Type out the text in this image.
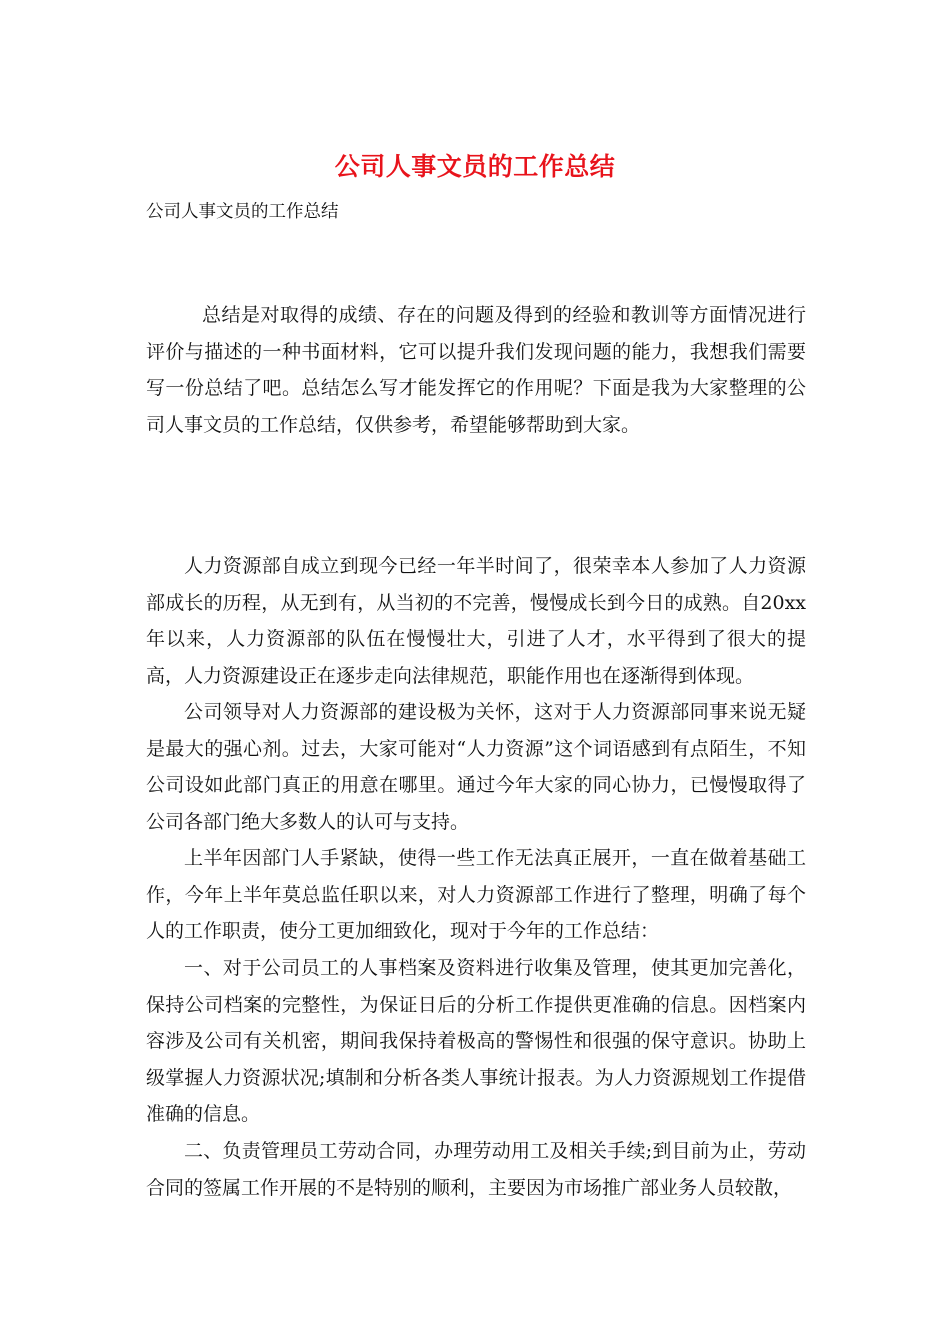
公司人事文员的工作总结
公司人事文员的工作总结

总结是对取得的成绩、存在的问题及得到的经验和教训等方面情况进行评价与描述的一种书面材料，它可以提升我们发现问题的能力，我想我们需要写一份总结了吧。总结怎么写才能发挥它的作用呢？下面是我为大家整理的公司人事文员的工作总结，仅供参考，希望能够帮助到大家。

人力资源部自成立到现今已经一年半时间了，很荣幸本人参加了人力资源部成长的历程，从无到有，从当初的不完善，慢慢成长到今日的成熟。自20xx年以来，人力资源部的队伍在慢慢壮大，引进了人才，水平得到了很大的提高，人力资源建设正在逐步走向法律规范，职能作用也在逐渐得到体现。

公司领导对人力资源部的建设极为关怀，这对于人力资源部同事来说无疑是最大的强心剂。过去，大家可能对“人力资源”这个词语感到有点陌生，不知公司设如此部门真正的用意在哪里。通过今年大家的同心协力，已慢慢取得了公司各部门绝大多数人的认可与支持。

上半年因部门人手紧缺，使得一些工作无法真正展开，一直在做着基础工作，今年上半年莫总监任职以来，对人力资源部工作进行了整理，明确了每个人的工作职责，使分工更加细致化，现对于今年的工作总结：

一、对于公司员工的人事档案及资料进行收集及管理，使其更加完善化，保持公司档案的完整性，为保证日后的分析工作提供更准确的信息。因档案内容涉及公司有关机密，期间我保持着极高的警惕性和很强的保守意识。协助上级掌握人力资源状况;填制和分析各类人事统计报表。为人力资源规划工作提借准确的信息。

二、负责管理员工劳动合同，办理劳动用工及相关手续;到目前为止，劳动合同的签属工作开展的不是特别的顺利，主要因为市场推广部业务人员较散，
